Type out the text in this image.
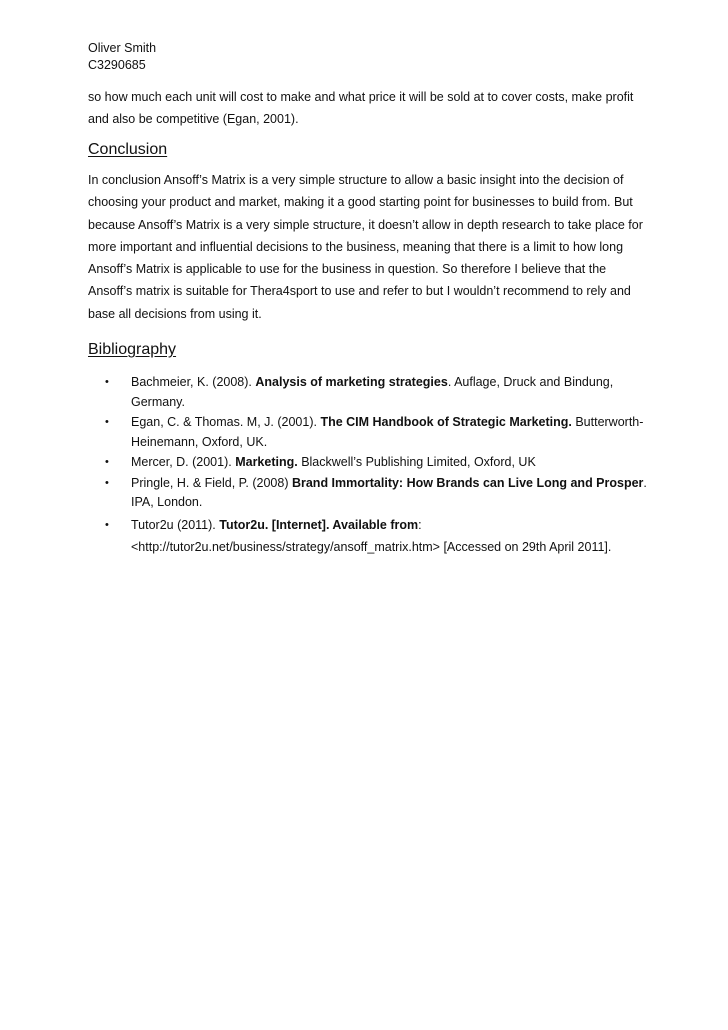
Oliver Smith
C3290685
so how much each unit will cost to make and what price it will be sold at to cover costs, make profit and also be competitive (Egan, 2001).
Conclusion
In conclusion Ansoff’s Matrix is a very simple structure to allow a basic insight into the decision of choosing your product and market, making it a good starting point for businesses to build from. But because Ansoff’s Matrix is a very simple structure, it doesn’t allow in depth research to take place for more important and influential decisions to the business, meaning that there is a limit to how long Ansoff’s Matrix is applicable to use for the business in question. So therefore I believe that the Ansoff’s matrix is suitable for Thera4sport to use and refer to but I wouldn’t recommend to rely and base all decisions from using it.
Bibliography
• Bachmeier, K. (2008). Analysis of marketing strategies. Auflage, Druck and Bindung, Germany.
• Egan, C. & Thomas. M, J. (2001). The CIM Handbook of Strategic Marketing. Butterworth-Heinemann, Oxford, UK.
• Mercer, D. (2001). Marketing. Blackwell’s Publishing Limited, Oxford, UK
• Pringle, H. & Field, P. (2008) Brand Immortality: How Brands can Live Long and Prosper. IPA, London.
• Tutor2u (2011). Tutor2u. [Internet]. Available from: <http://tutor2u.net/business/strategy/ansoff_matrix.htm> [Accessed on 29th April 2011].
